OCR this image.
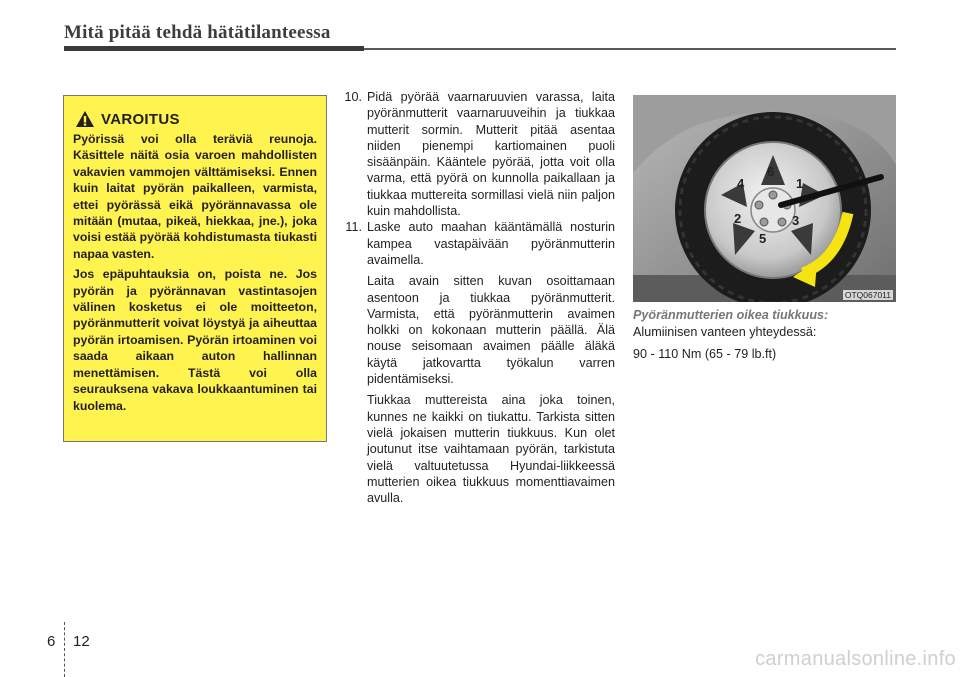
Mitä pitää tehdä hätätilanteessa
VAROITUS

Pyörissä voi olla teräviä reunoja. Käsittele näitä osia varoen mahdollisten vakavien vammojen välttämiseksi. Ennen kuin laitat pyörän paikalleen, varmista, ettei pyörässä eikä pyörännavassa ole mitään (mutaa, pikeä, hiekkaa, jne.), joka voisi estää pyörää kohdistumasta tiukasti napaa vasten.

Jos epäpuhtauksia on, poista ne. Jos pyörän ja pyörännavan vastintasojen välinen kosketus ei ole moitteeton, pyöränmutterit voivat löystyä ja aiheuttaa pyörän irtoamisen. Pyörän irtoaminen voi saada aikaan auton hallinnan menettämisen. Tästä voi olla seurauksena vakava loukkaantuminen tai kuolema.

10. Pidä pyörää vaarnaruuvien varassa, laita pyöränmutterit vaarnaruuveihin ja tiukkaa mutterit sormin. Mutterit pitää asentaa niiden pienempi kartiomainen puoli sisäänpäin. Kääntele pyörää, jotta voit olla varma, että pyörä on kunnolla paikallaan ja tiukkaa muttereita sormillasi vielä niin paljon kuin mahdollista.
11. Laske auto maahan kääntämällä nosturin kampea vastapäivään pyöränmutterin avaimella.
Laita avain sitten kuvan osoittamaan asentoon ja tiukkaa pyöränmutterit. Varmista, että pyöränmutterin avaimen holkki on kokonaan mutterin päällä. Älä nouse seisomaan avaimen päälle äläkä käytä jatkovartta työkalun varren pidentämiseksi.
Tiukkaa muttereista aina joka toinen, kunnes ne kaikki on tiukattu. Tarkista sitten vielä jokaisen mutterin tiukkuus. Kun olet joutunut itse vaihtamaan pyörän, tarkistuta vielä valtuutetussa Hyundai-liikkeessä mutterien oikea tiukkuus momenttiavaimen avulla.
1
2	3
4
5
6
OTQ067011
Pyöränmutterien oikea tiukkuus:
Alumiinisen vanteen yhteydessä:
90 - 110 Nm (65 - 79 lb.ft)
6 12
carmanualsonline.info
